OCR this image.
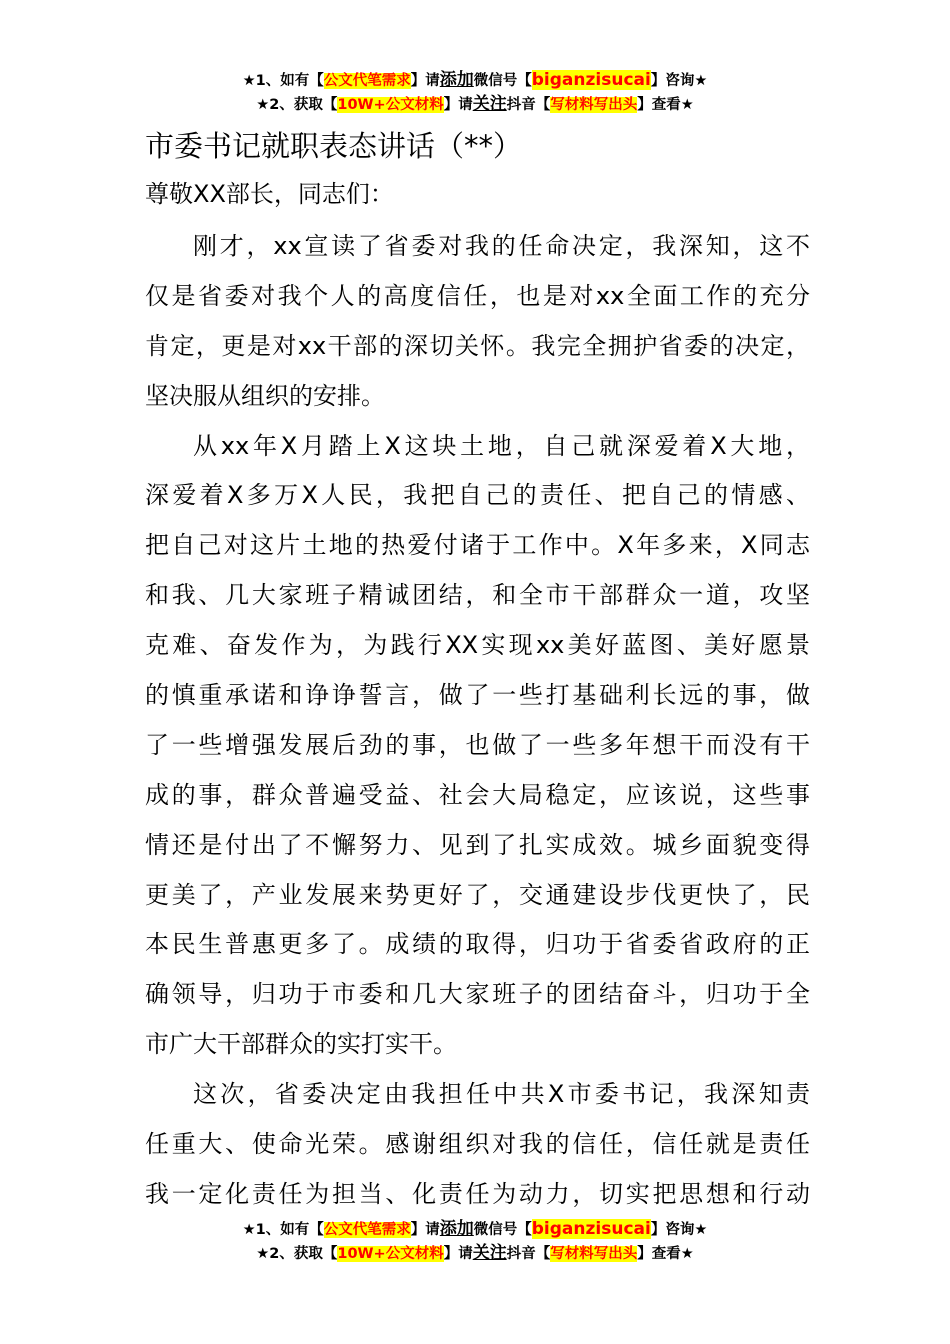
★1、如有【公文代笔需求】请添加微信号【biganzisucai】咨询★
★2、获取【10W+公文材料】请关注抖音【写材料写出头】查看★
市委书记就职表态讲话（**）
尊敬XX部长，同志们：
刚才，xx宣读了省委对我的任命决定，我深知，这不
仅是省委对我个人的高度信任，也是对xx全面工作的充分
肯定，更是对xx干部的深切关怀。我完全拥护省委的决定，
坚决服从组织的安排。
从xx年X月踏上X这块土地，自己就深爱着X大地，
深爱着X多万X人民，我把自己的责任、把自己的情感、
把自己对这片土地的热爱付诸于工作中。X年多来，X同志
和我、几大家班子精诚团结，和全市干部群众一道，攻坚
克难、奋发作为，为践行XX实现xx美好蓝图、美好愿景
的慎重承诺和诤诤誓言，做了一些打基础利长远的事，做
了一些增强发展后劲的事，也做了一些多年想干而没有干
成的事，群众普遍受益、社会大局稳定，应该说，这些事
情还是付出了不懈努力、见到了扎实成效。城乡面貌变得
更美了，产业发展来势更好了，交通建设步伐更快了，民
本民生普惠更多了。成绩的取得，归功于省委省政府的正
确领导，归功于市委和几大家班子的团结奋斗，归功于全
市广大干部群众的实打实干。
这次，省委决定由我担任中共X市委书记，我深知责
任重大、使命光荣。感谢组织对我的信任，信任就是责任
我一定化责任为担当、化责任为动力，切实把思想和行动
★1、如有【公文代笔需求】请添加微信号【biganzisucai】咨询★
★2、获取【10W+公文材料】请关注抖音【写材料写出头】查看★
